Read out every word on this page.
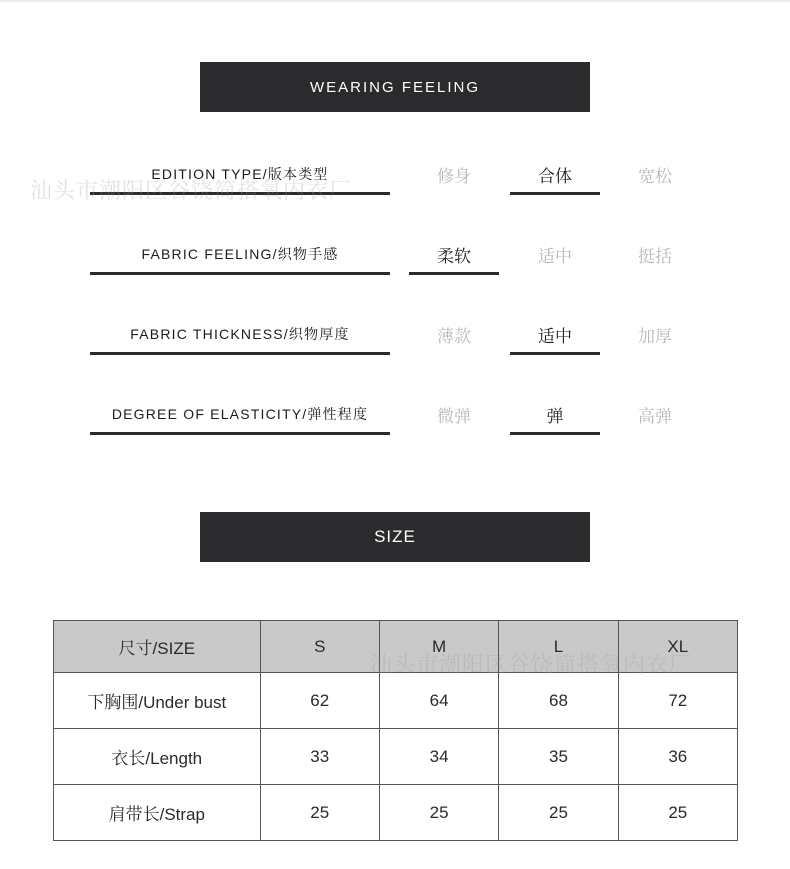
WEARING FEELING
EDITION TYPE/版本类型	修身	合体	宽松
FABRIC FEELING/织物手感	柔软	适中	挺括
FABRIC THICKNESS/织物厚度	薄款	适中	加厚
DEGREE OF ELASTICITY/弹性程度	微弹	弹	高弹
汕头市潮阳区谷饶简搭氧内衣厂
SIZE
尺寸/SIZE	S	M	L	XL
下胸围/Under bust	62	64	68	72
衣长/Length	33	34	35	36
肩带长/Strap	25	25	25	25
汕头市潮阳区谷饶简搭氧内衣厂
